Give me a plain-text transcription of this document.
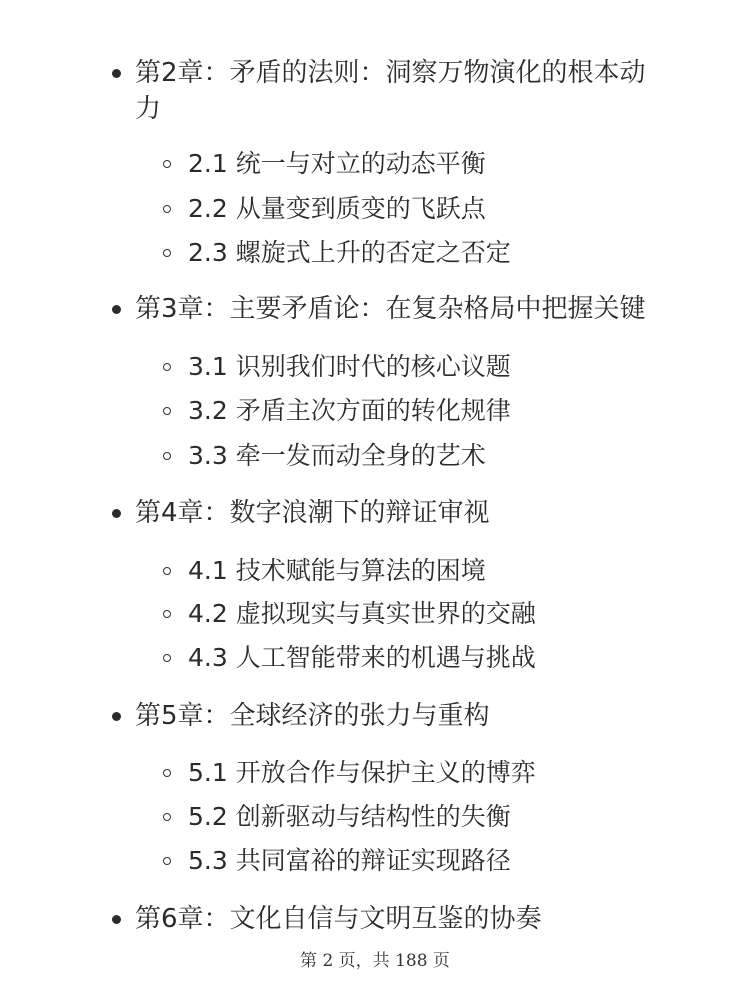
第2章：矛盾的法则：洞察万物演化的根本动
力
2.1 统一与对立的动态平衡
2.2 从量变到质变的飞跃点
2.3 螺旋式上升的否定之否定
第3章：主要矛盾论：在复杂格局中把握关键
3.1 识别我们时代的核心议题
3.2 矛盾主次方面的转化规律
3.3 牵一发而动全身的艺术
第4章：数字浪潮下的辩证审视
4.1 技术赋能与算法的困境
4.2 虚拟现实与真实世界的交融
4.3 人工智能带来的机遇与挑战
第5章：全球经济的张力与重构
5.1 开放合作与保护主义的博弈
5.2 创新驱动与结构性的失衡
5.3 共同富裕的辩证实现路径
第6章：文化自信与文明互鉴的协奏
第 2 页，共 188 页
